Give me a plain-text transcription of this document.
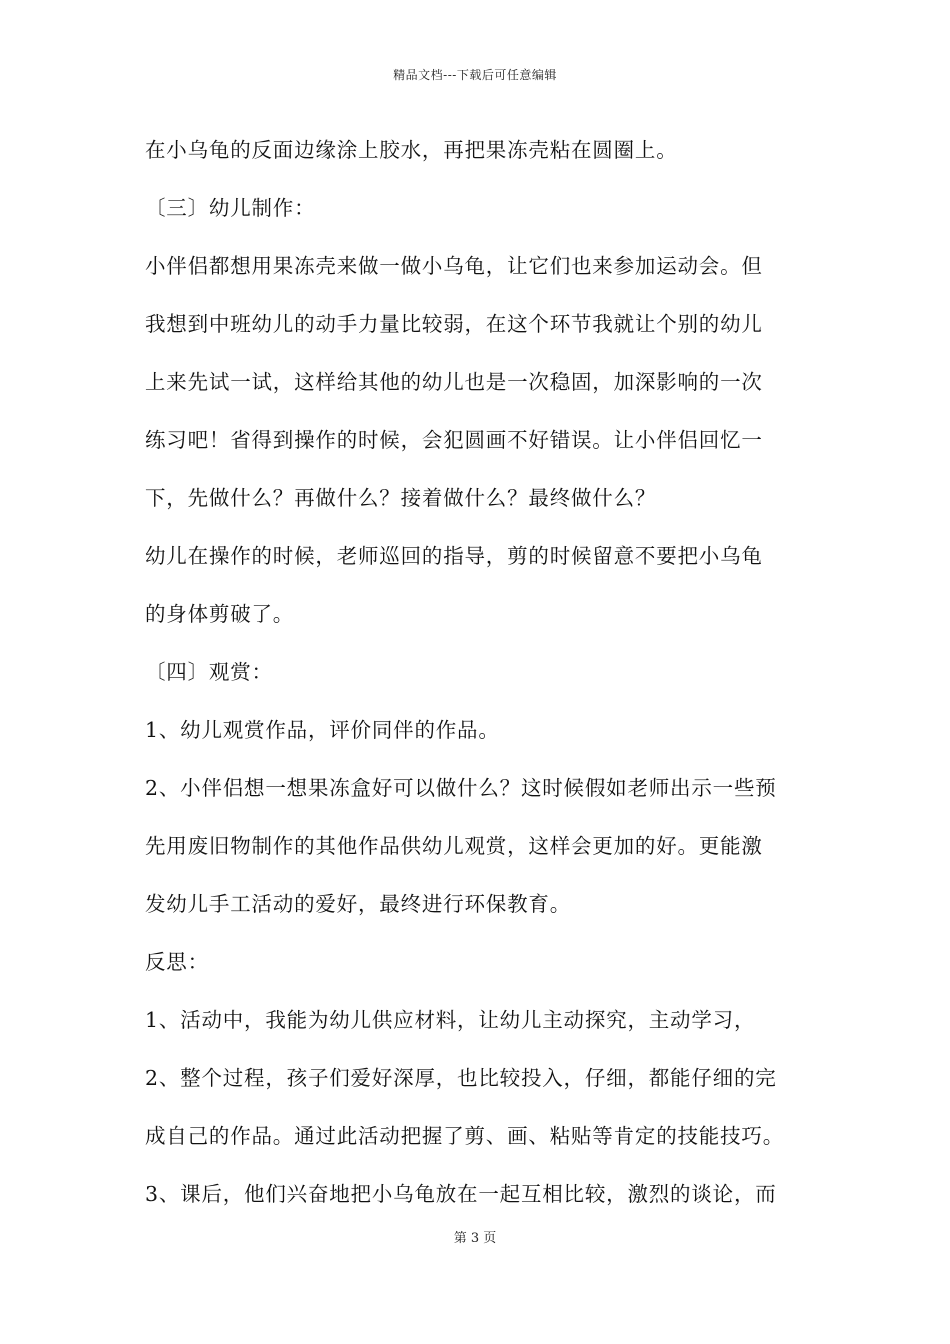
精品文档---下载后可任意编辑
在小乌龟的反面边缘涂上胶水，再把果冻壳粘在圆圈上。
〔三〕幼儿制作：
小伴侣都想用果冻壳来做一做小乌龟，让它们也来参加运动会。但
我想到中班幼儿的动手力量比较弱，在这个环节我就让个别的幼儿
上来先试一试，这样给其他的幼儿也是一次稳固，加深影响的一次
练习吧！省得到操作的时候，会犯圆画不好错误。让小伴侣回忆一
下，先做什么？再做什么？接着做什么？最终做什么？
幼儿在操作的时候，老师巡回的指导，剪的时候留意不要把小乌龟
的身体剪破了。
〔四〕观赏：
1、幼儿观赏作品，评价同伴的作品。
2、小伴侣想一想果冻盒好可以做什么？这时候假如老师出示一些预
先用废旧物制作的其他作品供幼儿观赏，这样会更加的好。更能激
发幼儿手工活动的爱好，最终进行环保教育。
反思：
1、活动中，我能为幼儿供应材料，让幼儿主动探究，主动学习，
2、整个过程，孩子们爱好深厚，也比较投入，仔细，都能仔细的完
成自己的作品。通过此活动把握了剪、画、粘贴等肯定的技能技巧。
3、课后，他们兴奋地把小乌龟放在一起互相比较，激烈的谈论，而
第 3 页
